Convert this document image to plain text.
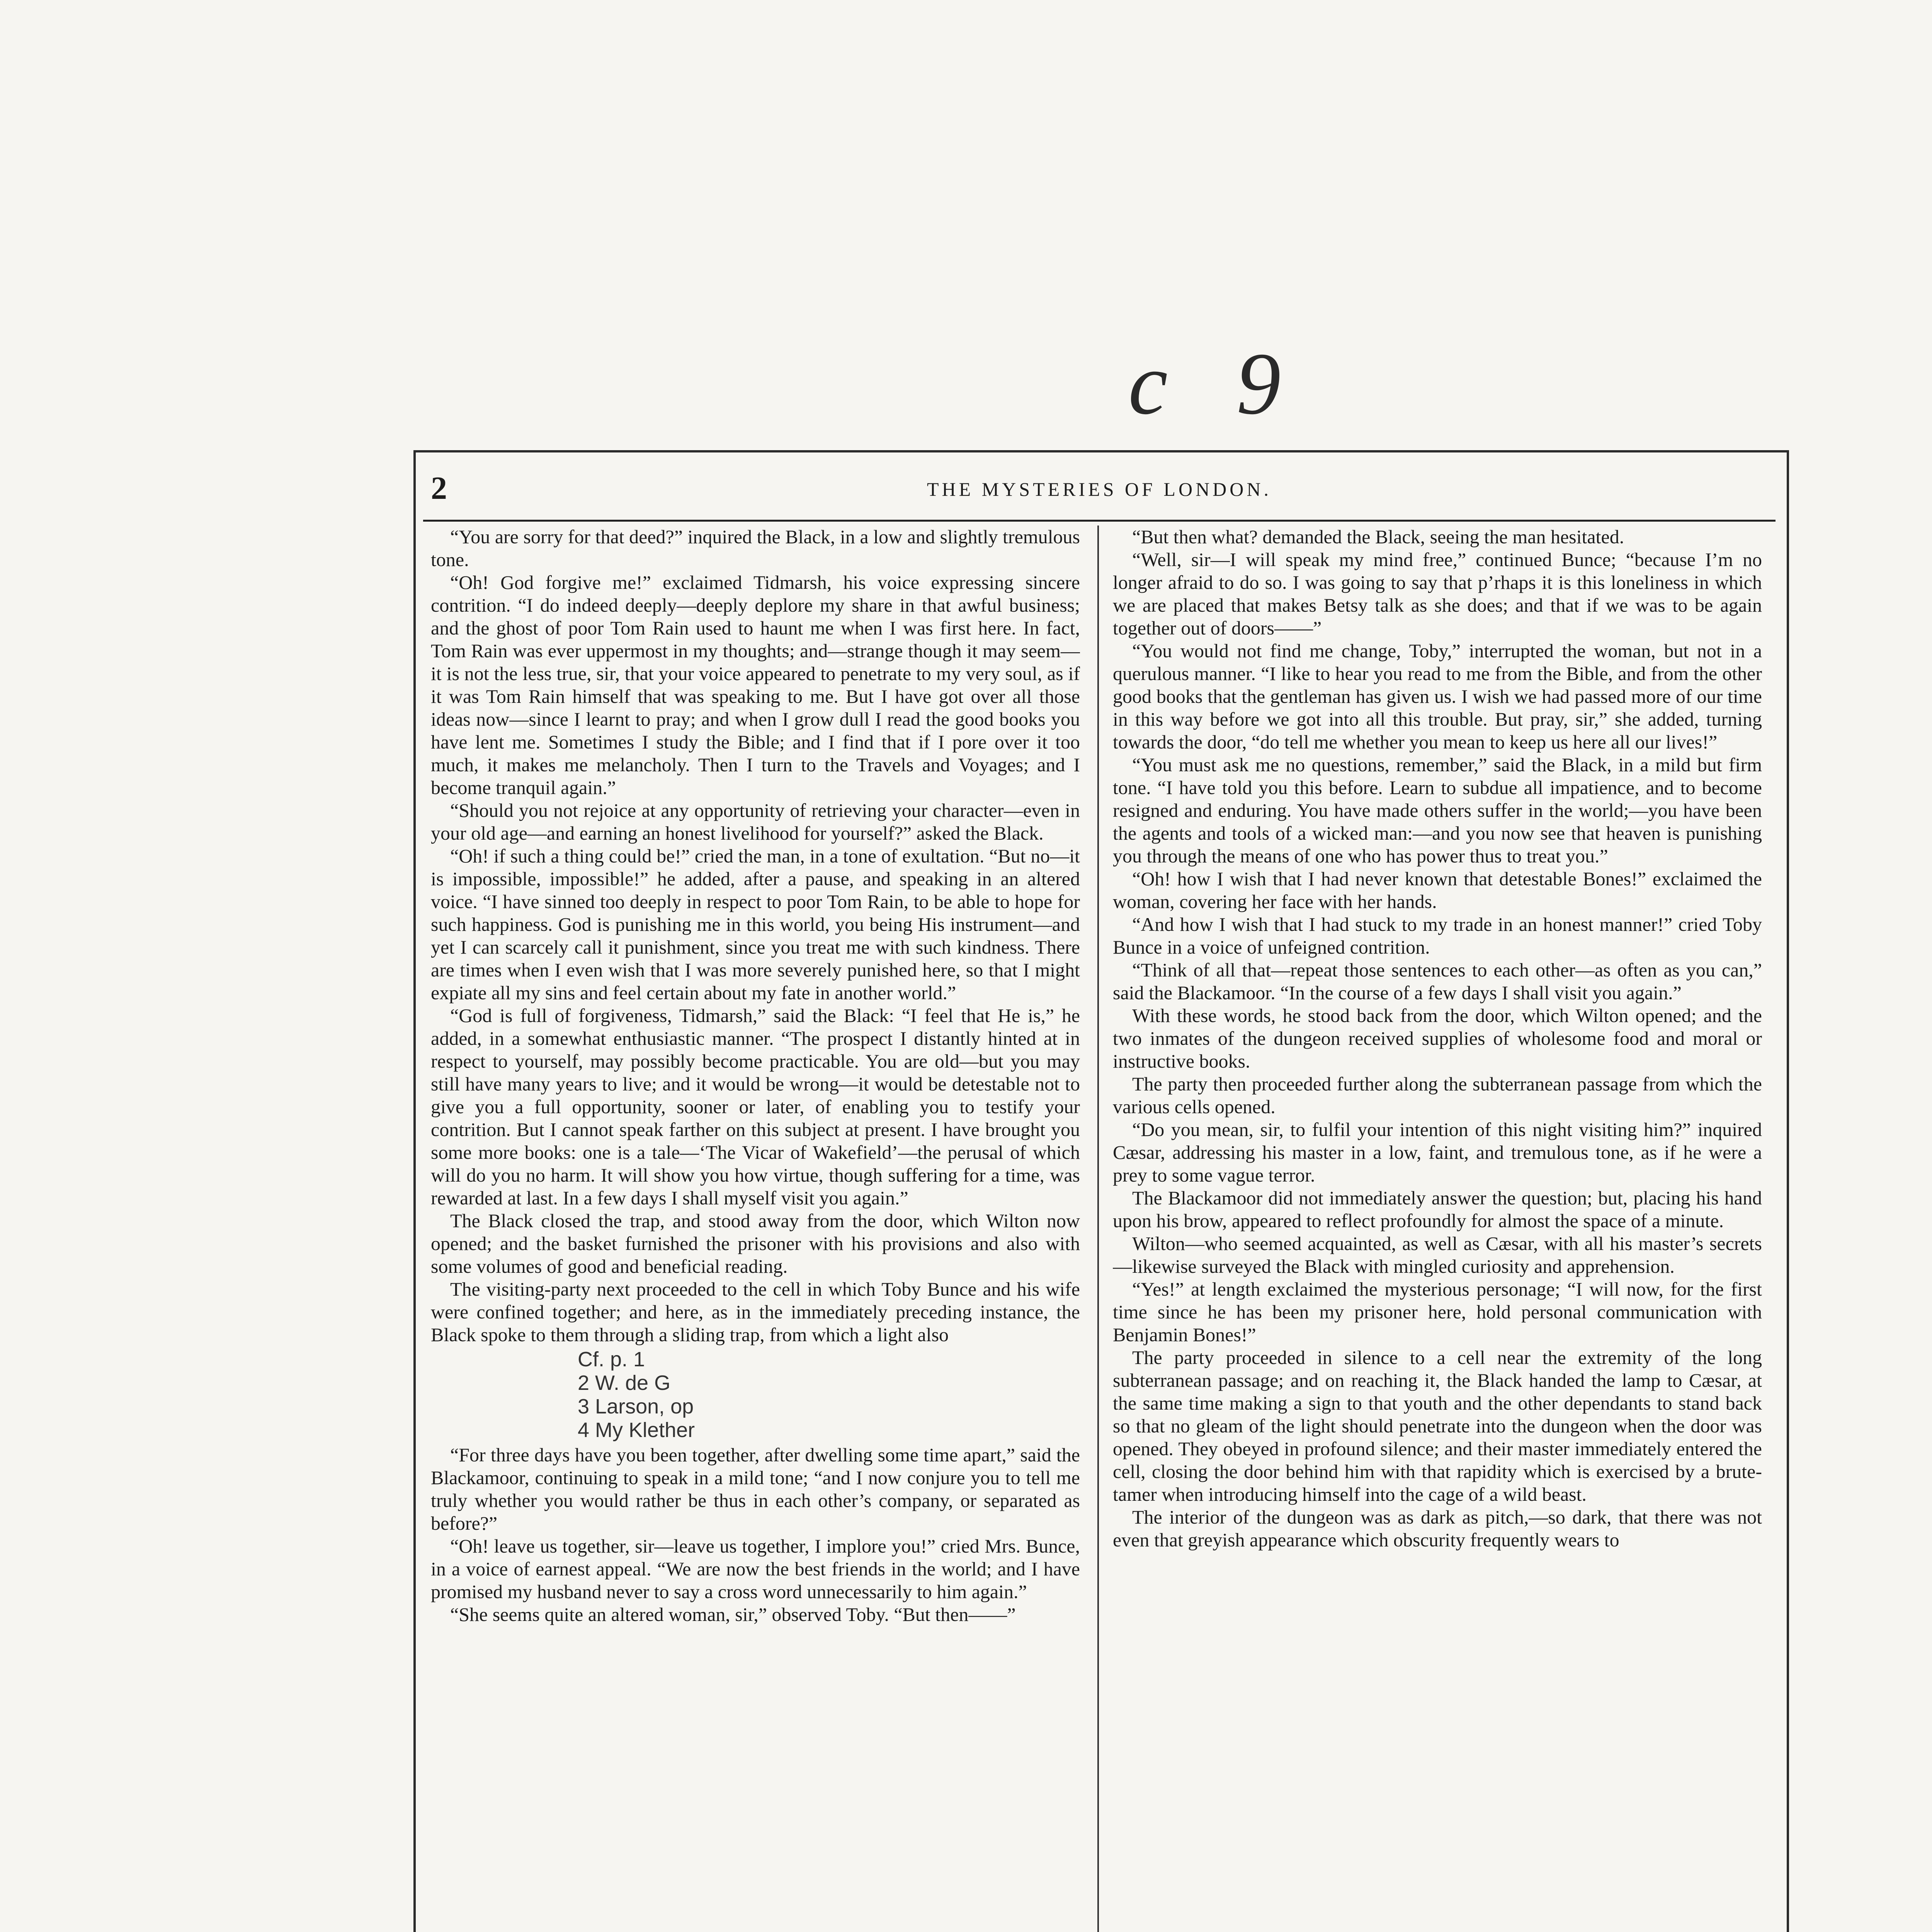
c 9
2	THE MYSTERIES OF LONDON.

“You are sorry for that deed?” inquired the Black, in a low and slightly tremulous tone.

“Oh! God forgive me!” exclaimed Tidmarsh, his voice expressing sincere contrition. “I do indeed deeply—deeply deplore my share in that awful business; and the ghost of poor Tom Rain used to haunt me when I was first here. In fact, Tom Rain was ever uppermost in my thoughts; and—strange though it may seem—it is not the less true, sir, that your voice appeared to penetrate to my very soul, as if it was Tom Rain himself that was speaking to me. But I have got over all those ideas now—since I learnt to pray; and when I grow dull I read the good books you have lent me. Sometimes I study the Bible; and I find that if I pore over it too much, it makes me melancholy. Then I turn to the Travels and Voyages; and I become tranquil again.”

“Should you not rejoice at any opportunity of retrieving your character—even in your old age—and earning an honest livelihood for yourself?” asked the Black.

“Oh! if such a thing could be!” cried the man, in a tone of exultation. “But no—it is impossible, impossible!” he added, after a pause, and speaking in an altered voice. “I have sinned too deeply in respect to poor Tom Rain, to be able to hope for such happiness. God is punishing me in this world, you being His instrument—and yet I can scarcely call it punishment, since you treat me with such kindness. There are times when I even wish that I was more severely punished here, so that I might expiate all my sins and feel certain about my fate in another world.”

“God is full of forgiveness, Tidmarsh,” said the Black: “I feel that He is,” he added, in a somewhat enthusiastic manner. “The prospect I distantly hinted at in respect to yourself, may possibly become practicable. You are old—but you may still have many years to live; and it would be wrong—it would be detestable not to give you a full opportunity, sooner or later, of enabling you to testify your contrition. But I cannot speak farther on this subject at present. I have brought you some more books: one is a tale—‘The Vicar of Wakefield’—the perusal of which will do you no harm. It will show you how virtue, though suffering for a time, was rewarded at last. In a few days I shall myself visit you again.”

The Black closed the trap, and stood away from the door, which Wilton now opened; and the basket furnished the prisoner with his provisions and also with some volumes of good and beneficial reading.

The visiting-party next proceeded to the cell in which Toby Bunce and his wife were confined together; and here, as in the immediately preceding instance, the Black spoke to them through a sliding trap, from which a light also

Cf. p. 1
2 W. de G
3 Larson, op
4 My Klether

“For three days have you been together, after dwelling some time apart,” said the Blackamoor, continuing to speak in a mild tone; “and I now conjure you to tell me truly whether you would rather be thus in each other’s company, or separated as before?”

“Oh! leave us together, sir—leave us together, I implore you!” cried Mrs. Bunce, in a voice of earnest appeal. “We are now the best friends in the world; and I have promised my husband never to say a cross word unnecessarily to him again.”

“She seems quite an altered woman, sir,” observed Toby. “But then——”

“But then what? demanded the Black, seeing the man hesitated.

“Well, sir—I will speak my mind free,” continued Bunce; “because I’m no longer afraid to do so. I was going to say that p’rhaps it is this loneliness in which we are placed that makes Betsy talk as she does; and that if we was to be again together out of doors——”

“You would not find me change, Toby,” interrupted the woman, but not in a querulous manner. “I like to hear you read to me from the Bible, and from the other good books that the gentleman has given us. I wish we had passed more of our time in this way before we got into all this trouble. But pray, sir,” she added, turning towards the door, “do tell me whether you mean to keep us here all our lives!”

“You must ask me no questions, remember,” said the Black, in a mild but firm tone. “I have told you this before. Learn to subdue all impatience, and to become resigned and enduring. You have made others suffer in the world;—you have been the agents and tools of a wicked man:—and you now see that heaven is punishing you through the means of one who has power thus to treat you.”

“Oh! how I wish that I had never known that detestable Bones!” exclaimed the woman, covering her face with her hands.

“And how I wish that I had stuck to my trade in an honest manner!” cried Toby Bunce in a voice of unfeigned contrition.

“Think of all that—repeat those sentences to each other—as often as you can,” said the Blackamoor. “In the course of a few days I shall visit you again.”

With these words, he stood back from the door, which Wilton opened; and the two inmates of the dungeon received supplies of wholesome food and moral or instructive books.

The party then proceeded further along the subterranean passage from which the various cells opened.

“Do you mean, sir, to fulfil your intention of this night visiting him?” inquired Cæsar, addressing his master in a low, faint, and tremulous tone, as if he were a prey to some vague terror.

The Blackamoor did not immediately answer the question; but, placing his hand upon his brow, appeared to reflect profoundly for almost the space of a minute.

Wilton—who seemed acquainted, as well as Cæsar, with all his master’s secrets—likewise surveyed the Black with mingled curiosity and apprehension.

“Yes!” at length exclaimed the mysterious personage; “I will now, for the first time since he has been my prisoner here, hold personal communication with Benjamin Bones!”

The party proceeded in silence to a cell near the extremity of the long subterranean passage; and on reaching it, the Black handed the lamp to Cæsar, at the same time making a sign to that youth and the other dependants to stand back so that no gleam of the light should penetrate into the dungeon when the door was opened. They obeyed in profound silence; and their master immediately entered the cell, closing the door behind him with that rapidity which is exercised by a brute-tamer when introducing himself into the cage of a wild beast.

The interior of the dungeon was as dark as pitch,—so dark, that there was not even that greyish appearance which obscurity frequently wears to
